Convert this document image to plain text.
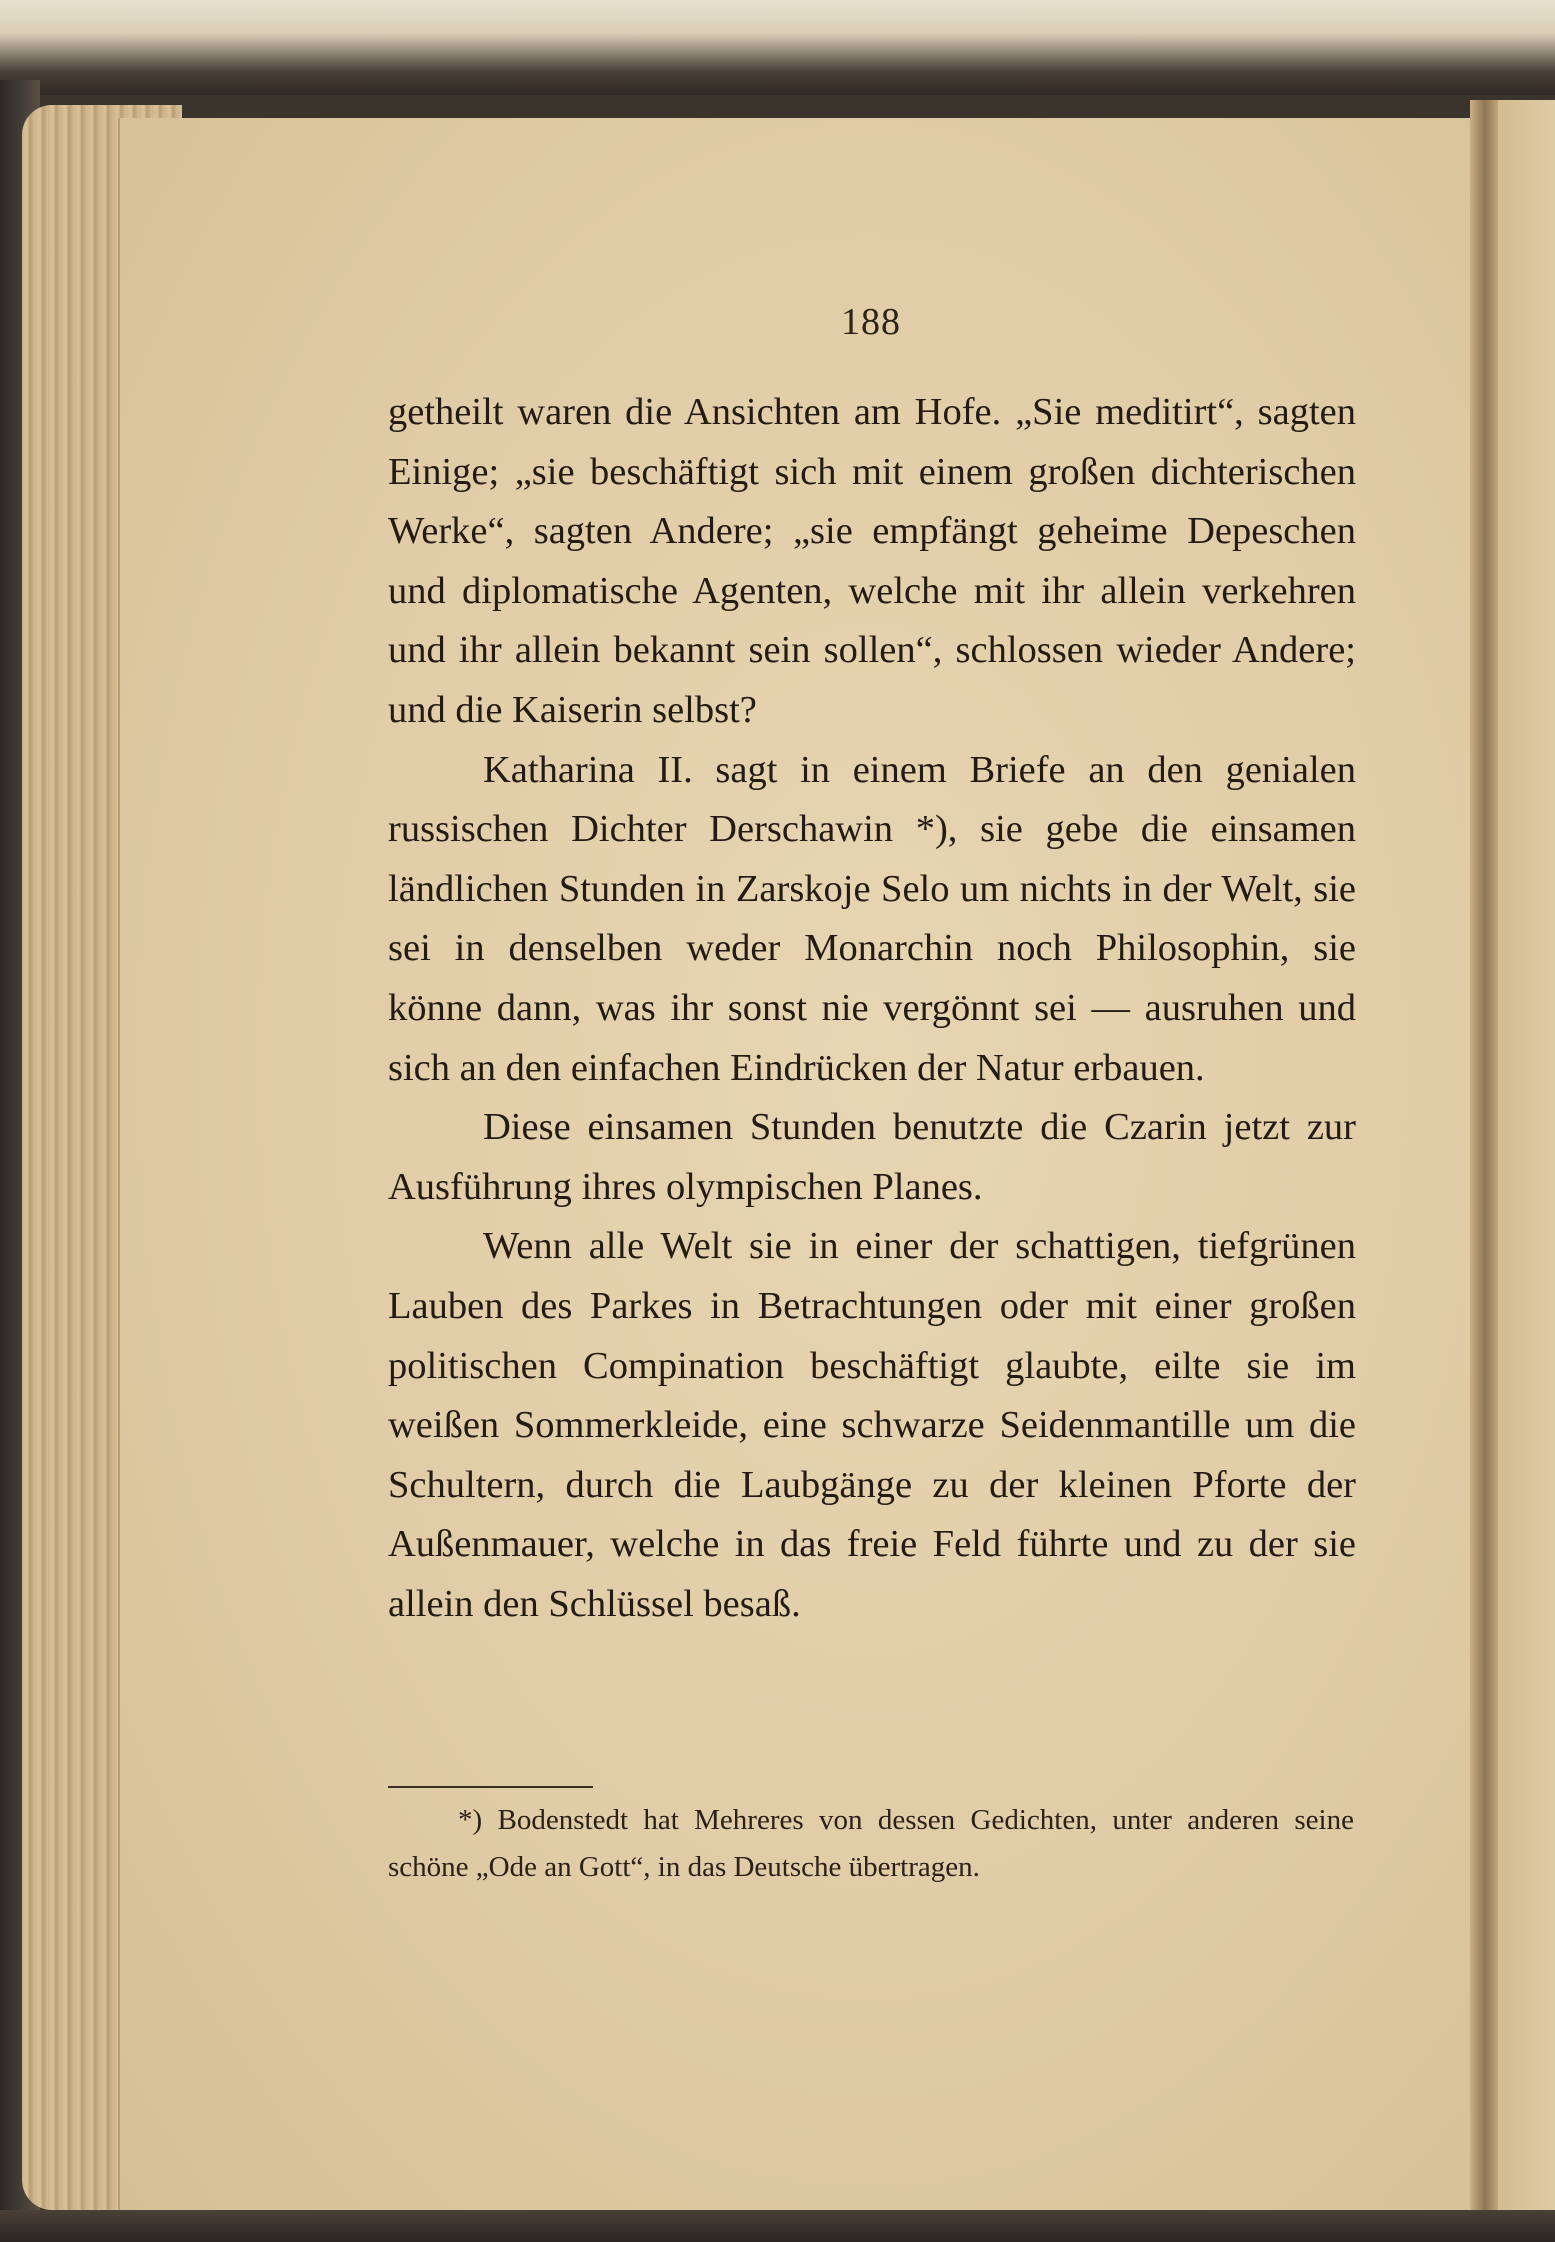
188

getheilt waren die Ansichten am Hofe. „Sie meditirt“, sagten Einige; „sie beschäftigt sich mit einem großen dichterischen Werke“, sagten Andere; „sie empfängt geheime Depeschen und diplomatische Agenten, welche mit ihr allein verkehren und ihr allein bekannt sein sollen“, schlossen wieder Andere; und die Kaiserin selbst?

Katharina II. sagt in einem Briefe an den genialen russischen Dichter Derschawin *), sie gebe die einsamen ländlichen Stunden in Zarskoje Selo um nichts in der Welt, sie sei in denselben weder Monarchin noch Philosophin, sie könne dann, was ihr sonst nie vergönnt sei — ausruhen und sich an den einfachen Eindrücken der Natur erbauen.

Diese einsamen Stunden benutzte die Czarin jetzt zur Ausführung ihres olympischen Planes.

Wenn alle Welt sie in einer der schattigen, tiefgrünen Lauben des Parkes in Betrachtungen oder mit einer großen politischen Compination beschäftigt glaubte, eilte sie im weißen Sommerkleide, eine schwarze Seidenmantille um die Schultern, durch die Laubgänge zu der kleinen Pforte der Außenmauer, welche in das freie Feld führte und zu der sie allein den Schlüssel besaß.

*) Bodenstedt hat Mehreres von dessen Gedichten, unter anderen seine schöne „Ode an Gott“, in das Deutsche übertragen.
